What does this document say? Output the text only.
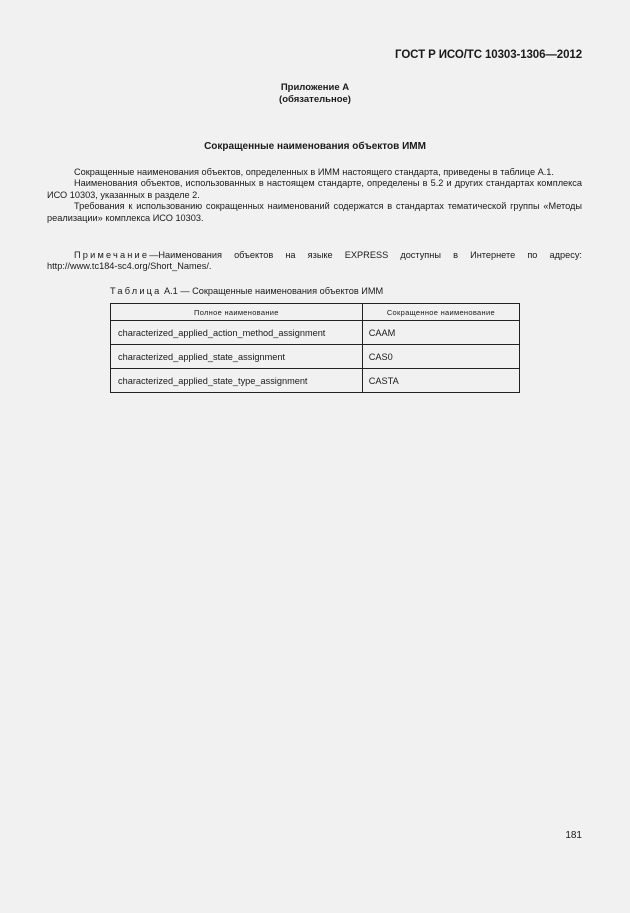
ГОСТ Р ИСО/ТС 10303-1306—2012
Приложение А
(обязательное)
Сокращенные наименования объектов ИММ

Сокращенные наименования объектов, определенных в ИММ настоящего стандарта, приведены в таблице А.1.

Наименования объектов, использованных в настоящем стандарте, определены в 5.2 и других стандартах комплекса ИСО 10303, указанных в разделе 2.

Требования к использованию сокращенных наименований содержатся в стандартах тематической группы «Методы реализации» комплекса ИСО 10303.

Примечание—Наименования объектов на языке EXPRESS доступны в Интернете по адресу:
http://www.tc184-sc4.org/Short_Names/.
Таблица А.1 — Сокращенные наименования объектов ИММ
Полное наименование	Сокращенное наименование
characterized_applied_action_method_assignment	CAAM
characterized_applied_state_assignment	CAS0
characterized_applied_state_type_assignment	CASTA
181
